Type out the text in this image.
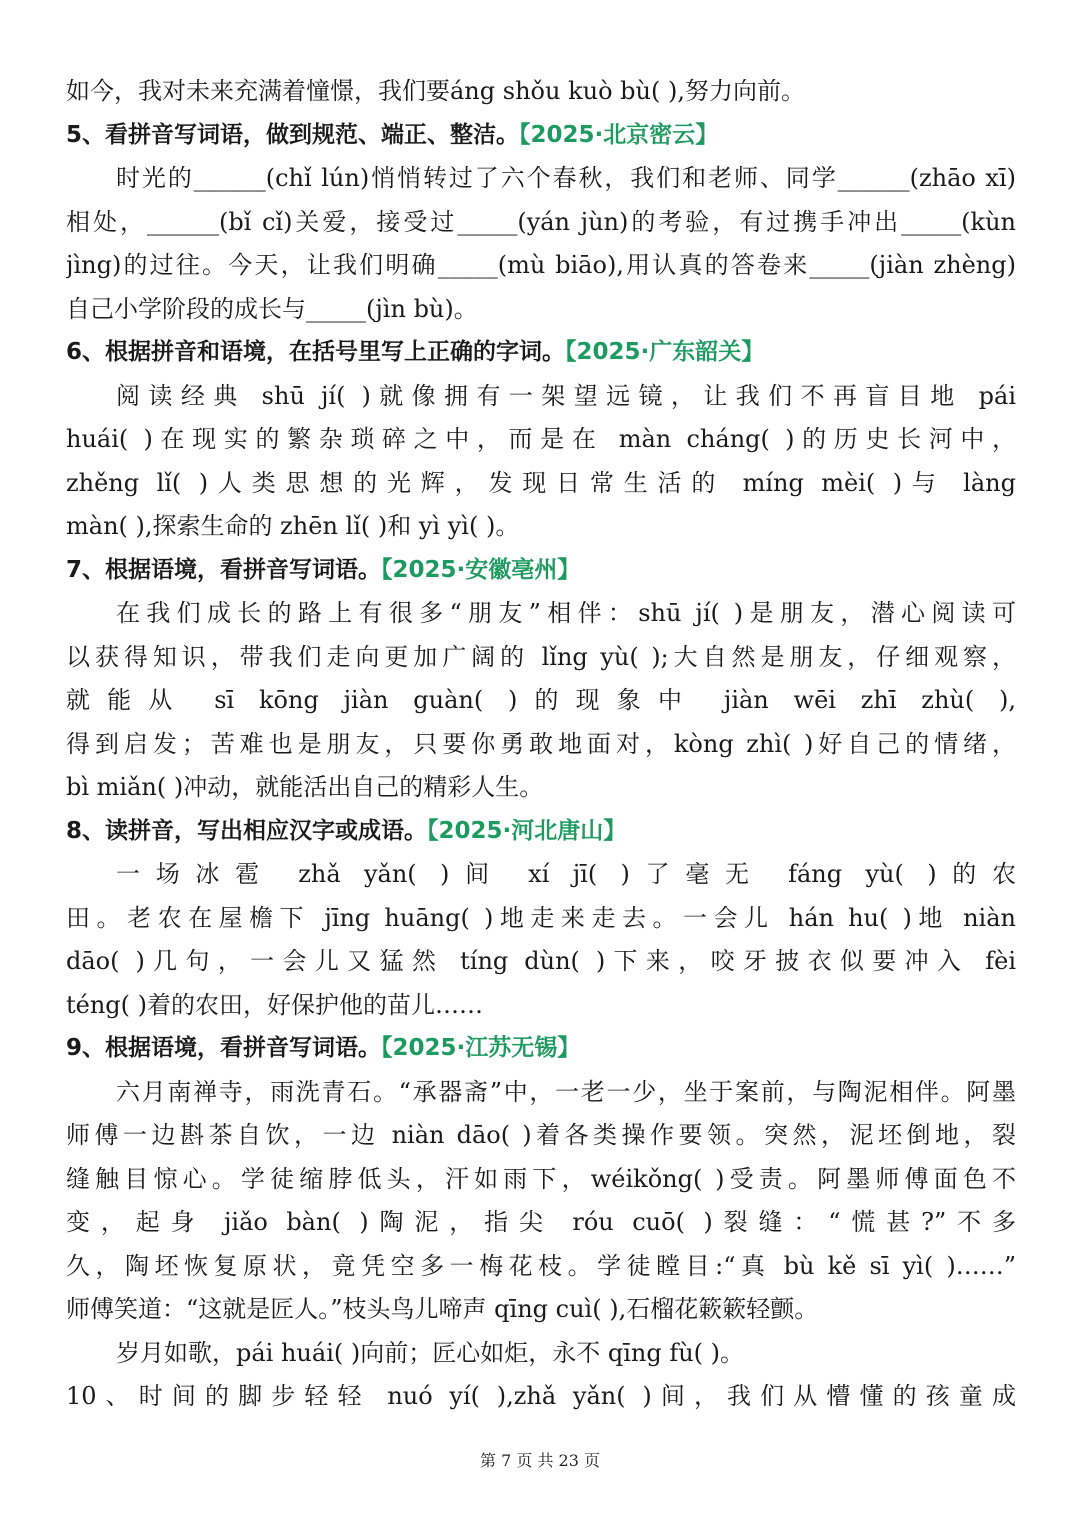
如今，我对未来充满着憧憬，我们要áng shǒu kuò bù( ),努力向前。
5、看拼音写词语，做到规范、端正、整洁。【2025·北京密云】
时光的______(chǐ lún)悄悄转过了六个春秋，我们和老师、同学______(zhāo xī)
相处，______(bǐ cǐ)关爱，接受过_____(yán jùn)的考验，有过携手冲出_____(kùn
jìng)的过往。今天，让我们明确_____(mù biāo),用认真的答卷来_____(jiàn zhèng)
自己小学阶段的成长与_____(jìn bù)。
6、根据拼音和语境，在括号里写上正确的字词。【2025·广东韶关】
阅读经典 shū jí( )就像拥有一架望远镜，让我们不再盲目地 pái
huái( )在现实的繁杂琐碎之中，而是在 màn cháng( )的历史长河中，
zhěng lǐ( )人类思想的光辉，发现日常生活的 míng mèi( )与 làng
màn( ),探索生命的 zhēn lǐ( )和 yì yì( )。
7、根据语境，看拼音写词语。【2025·安徽亳州】
在我们成长的路上有很多“朋友”相伴：shū jí( )是朋友，潜心阅读可
以获得知识，带我们走向更加广阔的 lǐng yù( );大自然是朋友，仔细观察，
就能从 sī kōng jiàn guàn( )的现象中 jiàn wēi zhī zhù( ),
得到启发；苦难也是朋友，只要你勇敢地面对，kòng zhì( )好自己的情绪，
bì miǎn( )冲动，就能活出自己的精彩人生。
8、读拼音，写出相应汉字或成语。【2025·河北唐山】
一场冰雹 zhǎ yǎn( )间 xí jī( )了毫无 fáng yù( )的农
田。老农在屋檐下 jīng huāng( )地走来走去。一会儿 hán hu( )地 niàn
dāo( )几句，一会儿又猛然 tíng dùn( )下来，咬牙披衣似要冲入 fèi
téng( )着的农田，好保护他的苗儿……
9、根据语境，看拼音写词语。【2025·江苏无锡】
六月南禅寺，雨洗青石。“承器斋”中，一老一少，坐于案前，与陶泥相伴。阿墨
师傅一边斟茶自饮，一边 niàn dāo( )着各类操作要领。突然，泥坯倒地，裂
缝触目惊心。学徒缩脖低头，汗如雨下，wéikǒng( )受责。阿墨师傅面色不
变，起身 jiǎo bàn( )陶泥，指尖 róu cuō( )裂缝：“慌甚?”不多
久，陶坯恢复原状，竟凭空多一梅花枝。学徒瞠目:“真 bù kě sī yì( )……”
师傅笑道：“这就是匠人。”枝头鸟儿啼声 qīng cuì( ),石榴花簌簌轻颤。
岁月如歌，pái huái( )向前；匠心如炬，永不 qīng fù( )。
10、时间的脚步轻轻 nuó yí( ),zhǎ yǎn( )间，我们从懵懂的孩童成
第 7 页 共 23 页
